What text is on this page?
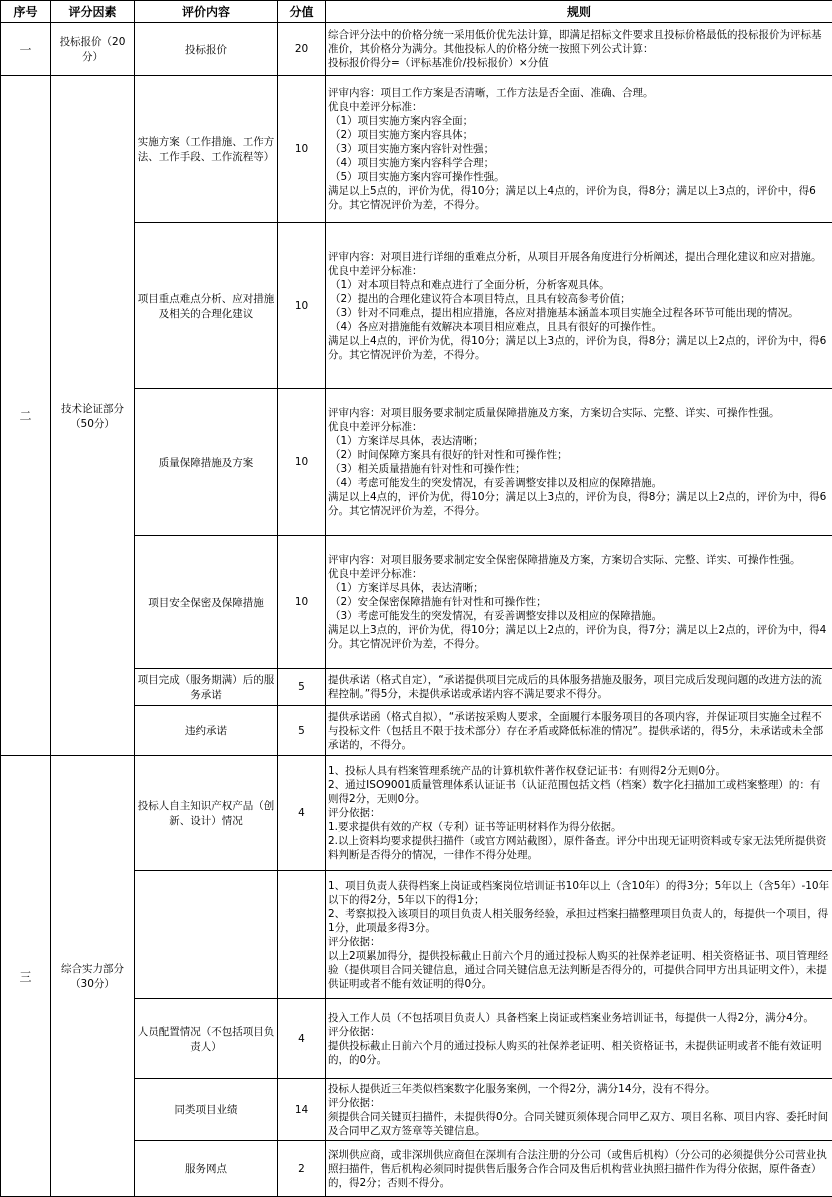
序号	评分因素	评价内容	分值	规则
一	投标报价（20分）	投标报价	20	综合评分法中的价格分统一采用低价优先法计算，即满足招标文件要求且投标价格最低的投标报价为评标基准价，其价格分为满分。其他投标人的价格分统一按照下列公式计算：
投标报价得分=（评标基准价/投标报价）×分值

二	技术论证部分（50分）	实施方案（工作措施、工作方法、工作手段、工作流程等）	10	
评审内容：项目工作方案是否清晰，工作方法是否全面、准确、合理。
优良中差评分标准：
（1）项目实施方案内容全面；
（2）项目实施方案内容具体；
（3）项目实施方案内容针对性强；
（4）项目实施方案内容科学合理；
（5）项目实施方案内容可操作性强。
满足以上5点的，评价为优，得10分；满足以上4点的，评价为良，得8分；满足以上3点的，评价中，得6分。其它情况评价为差，不得分。

项目重点难点分析、应对措施及相关的合理化建议	10	
评审内容：对项目进行详细的重难点分析，从项目开展各角度进行分析阐述，提出合理化建议和应对措施。
优良中差评分标准：
（1）对本项目特点和难点进行了全面分析，分析客观具体。
（2）提出的合理化建议符合本项目特点，且具有较高参考价值；
（3）针对不同难点，提出相应措施，各应对措施基本涵盖本项目实施全过程各环节可能出现的情况。
（4）各应对措施能有效解决本项目相应难点，且具有很好的可操作性。
满足以上4点的，评价为优，得10分；满足以上3点的，评价为良，得8分；满足以上2点的，评价为中，得6分。其它情况评价为差，不得分。

质量保障措施及方案	10	
评审内容：对项目服务要求制定质量保障措施及方案，方案切合实际、完整、详实、可操作性强。
优良中差评分标准：
（1）方案详尽具体，表达清晰；
（2）时间保障方案具有很好的针对性和可操作性；
（3）相关质量措施有针对性和可操作性；
（4）考虑可能发生的突发情况，有妥善调整安排以及相应的保障措施。
满足以上4点的，评价为优，得10分；满足以上3点的，评价为良，得8分；满足以上2点的，评价为中，得6分。其它情况评价为差，不得分。

项目安全保密及保障措施	10	
评审内容：对项目服务要求制定安全保密保障措施及方案，方案切合实际、完整、详实、可操作性强。
优良中差评分标准：
（1）方案详尽具体，表达清晰；
（2）安全保密保障措施有针对性和可操作性；
（3）考虑可能发生的突发情况，有妥善调整安排以及相应的保障措施。
满足以上3点的，评价为优，得10分；满足以上2点的，评价为良，得7分；满足以上2点的，评价为中，得4分。其它情况评价为差，不得分。

		项目完成（服务期满）后的服务承诺	5	提供承诺（格式自定），“承诺提供项目完成后的具体服务措施及服务，项目完成后发现问题的改进方法的流程控制。”得5分，未提供承诺或承诺内容不满足要求不得分。

		违约承诺	5	提供承诺函（格式自拟），“承诺按采购人要求，全面履行本服务项目的各项内容，并保证项目实施全过程不与投标文件（包括且不限于技术部分）存在矛盾或降低标准的情况”。提供承诺的，得5分，未承诺或未全部承诺的，不得分。

三	综合实力部分（30分）	投标人自主知识产权产品（创新、设计）情况	4	1、投标人具有档案管理系统产品的计算机软件著作权登记证书：有则得2分无则0分。
2、通过ISO9001质量管理体系认证证书（认证范围包括文档（档案）数字化扫描加工或档案整理）的：有则得2分，无则0分。
评分依据：
1.要求提供有效的产权（专利）证书等证明材料作为得分依据。
2.以上资料均要求提供扫描件（或官方网站截图），原件备查。评分中出现无证明资料或专家无法凭所提供资料判断是否得分的情况，一律作不得分处理。

				1、项目负责人获得档案上岗证或档案岗位培训证书10年以上（含10年）的得3分；5年以上（含5年）-10年以下的得2分，5年以下的得1分；
2、考察拟投入该项目的项目负责人相关服务经验，承担过档案扫描整理项目负责人的，每提供一个项目，得1分，此项最多得3分。
评分依据：
以上2项累加得分，提供投标截止日前六个月的通过投标人购买的社保养老证明、相关资格证书、项目管理经验（提供项目合同关键信息，通过合同关键信息无法判断是否得分的，可提供合同甲方出具证明文件），未提供证明或者不能有效证明的得0分。

		人员配置情况（不包括项目负责人）	4	投入工作人员（不包括项目负责人）具备档案上岗证或档案业务培训证书，每提供一人得2分，满分4分。
评分依据：
提供投标截止日前六个月的通过投标人购买的社保养老证明、相关资格证书，未提供证明或者不能有效证明的，的0分。

		同类项目业绩	14	投标人提供近三年类似档案数字化服务案例，一个得2分，满分14分，没有不得分。
评分依据：
须提供合同关键页扫描件，未提供得0分。合同关键页须体现合同甲乙双方、项目名称、项目内容、委托时间及合同甲乙双方签章等关键信息。

		服务网点	2	深圳供应商，或非深圳供应商但在深圳有合法注册的分公司（或售后机构）（分公司的必须提供分公司营业执照扫描件，售后机构必须同时提供售后服务合作合同及售后机构营业执照扫描件作为得分依据，原件备查）的，得2分；否则不得分。
